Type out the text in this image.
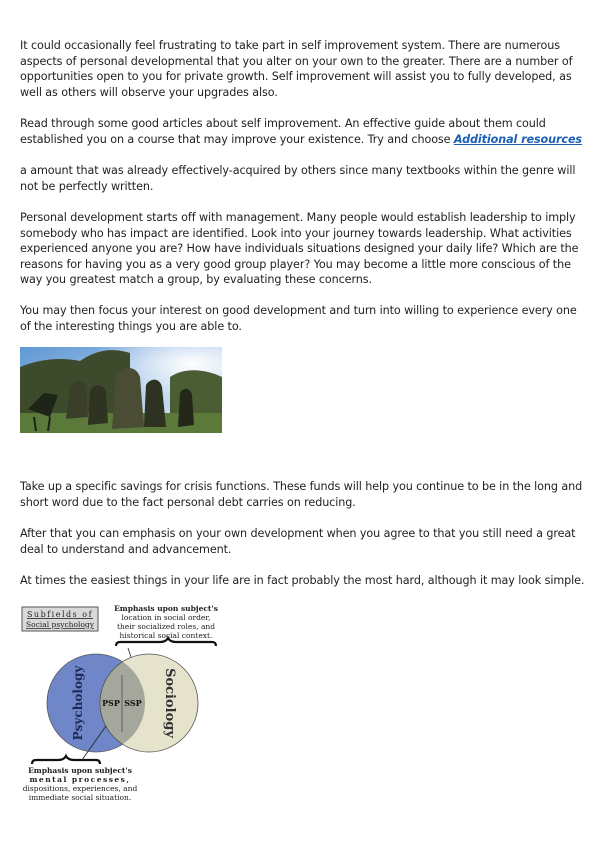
It could occasionally feel frustrating to take part in self improvement system. There are numerous aspects of personal developmental that you alter on your own to the greater. There are a number of opportunities open to you for private growth. Self improvement will assist you to fully developed, as well as others will observe your upgrades also.

Read through some good articles about self improvement. An effective guide about them could established you on a course that may improve your existence. Try and choose Additional resources

a amount that was already effectively-acquired by others since many textbooks within the genre will not be perfectly written.

Personal development starts off with management. Many people would establish leadership to imply somebody who has impact are identified. Look into your journey towards leadership. What activities experienced anyone you are? How have individuals situations designed your daily life? Which are the reasons for having you as a very good group player? You may become a little more conscious of the way you greatest match a group, by evaluating these concerns.

You may then focus your interest on good development and turn into willing to experience every one of the interesting things you are able to.

Take up a specific savings for crisis functions. These funds will help you continue to be in the long and short word due to the fact personal debt carries on reducing.

After that you can emphasis on your own development when you agree to that you still need a great deal to understand and advancement.

At times the easiest things in your life are in fact probably the most hard, although it may look simple.

Subfields of
Social psychology
Emphasis upon subject's
location in social order,
their socialized roles, and
historical social context.
Psychology	Sociology
PSP SSP
Emphasis upon subject's
mental processes,
dispositions, experiences, and
immediate social situation.
